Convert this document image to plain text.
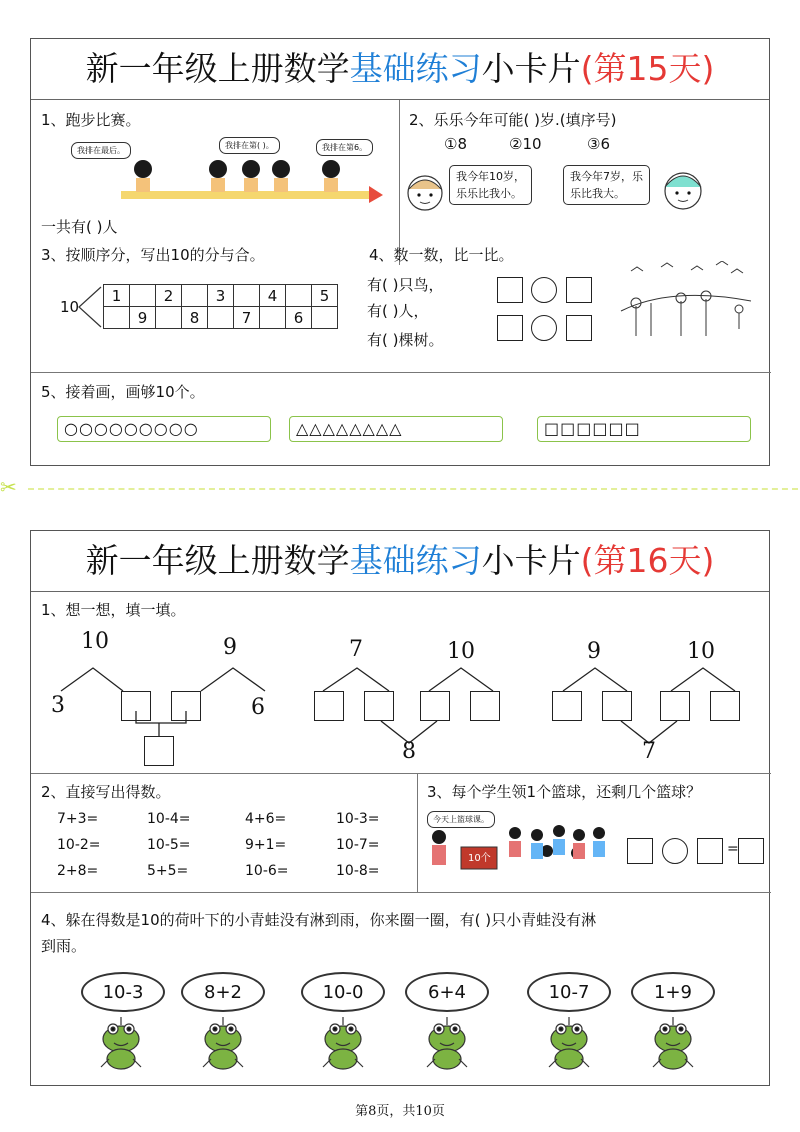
新一年级上册数学基础练习小卡片(第15天)
1、跑步比赛。
我排在最后。
我排在第( )。	我排在第6。
一共有( )人
2、乐乐今年可能( )岁.(填序号)
①8	②10	③6
我今年10岁，
乐乐比我小。
我今年7岁，乐
乐比我大。
3、按顺序分，写出10的分与合。
10
1		2		3		4		5
	9		8		7		6	
4、数一数，比一比。
有( )只鸟，
有( )人，
有( )棵树。
5、接着画，画够10个。
○○○○○○○○○	△△△△△△△△	□□□□□□
✂
新一年级上册数学基础练习小卡片(第16天)
1、想一想，填一填。
10	9
3	6
7	10
8
9	10
7
2、直接写出得数。
7+3=	10-4=	4+6=	10-3=
10-2=	10-5=	9+1=	10-7=
2+8=	5+5=	10-6=	10-8=
3、每个学生领1个篮球，还剩几个篮球？
今天上篮球课。
10个
=
4、躲在得数是10的荷叶下的小青蛙没有淋到雨，你来圈一圈，有( )只小青蛙没有淋
到雨。
10-3	8+2	10-0	6+4	10-7	1+9
第8页，共10页
